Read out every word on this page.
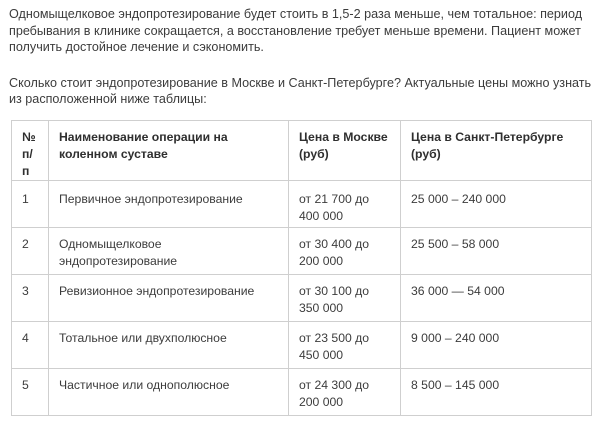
Одномыщелковое эндопротезирование будет стоить в 1,5-2 раза меньше, чем тотальное: период пребывания в клинике сокращается, а восстановление требует меньше времени. Пациент может получить достойное лечение и сэкономить.

Сколько стоит эндопротезирование в Москве и Санкт-Петербурге? Актуальные цены можно узнать из расположенной ниже таблицы:

№ п/п	Наименование операции на коленном суставе	Цена в Москве (руб)	Цена в Санкт-Петербурге (руб)
1	Первичное эндопротезирование	от 21 700 до 400 000	25 000 – 240 000
2	Одномыщелковое эндопротезирование	от 30 400 до 200 000	25 500 – 58 000
3	Ревизионное эндопротезирование	от 30 100 до 350 000	36 000 — 54 000
4	Тотальное или двухполюсное	от 23 500 до 450 000	9 000 – 240 000
5	Частичное или однополюсное	от 24 300 до 200 000	8 500 – 145 000
